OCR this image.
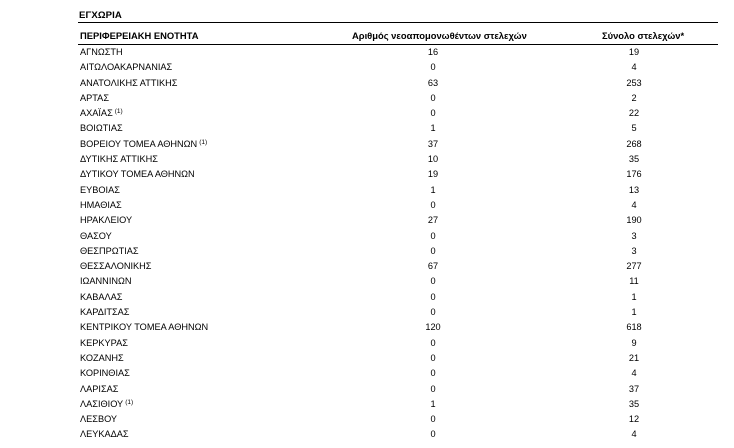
ΕΓΧΩΡΙΑ
ΠΕΡΙΦΕΡΕΙΑΚΗ ΕΝΟΤΗΤΑ	Αριθμός νεοαπομονωθέντων στελεχών	Σύνολο στελεχών*
ΑΓΝΩΣΤΗ	16	19
ΑΙΤΩΛΟΑΚΑΡΝΑΝΙΑΣ	0	4
ΑΝΑΤΟΛΙΚΗΣ ΑΤΤΙΚΗΣ	63	253
ΑΡΤΑΣ	0	2
ΑΧΑΪΑΣ $^{(1)}$	0	22
ΒΟΙΩΤΙΑΣ	1	5
ΒΟΡΕΙΟΥ ΤΟΜΕΑ ΑΘΗΝΩΝ $^{(1)}$	37	268
ΔΥΤΙΚΗΣ ΑΤΤΙΚΗΣ	10	35
ΔΥΤΙΚΟΥ ΤΟΜΕΑ ΑΘΗΝΩΝ	19	176
ΕΥΒΟΙΑΣ	1	13
ΗΜΑΘΙΑΣ	0	4
ΗΡΑΚΛΕΙΟΥ	27	190
ΘΑΣΟΥ	0	3
ΘΕΣΠΡΩΤΙΑΣ	0	3
ΘΕΣΣΑΛΟΝΙΚΗΣ	67	277
ΙΩΑΝΝΙΝΩΝ	0	11
ΚΑΒΑΛΑΣ	0	1
ΚΑΡΔΙΤΣΑΣ	0	1
ΚΕΝΤΡΙΚΟΥ ΤΟΜΕΑ ΑΘΗΝΩΝ	120	618
ΚΕΡΚΥΡΑΣ	0	9
ΚΟΖΑΝΗΣ	0	21
ΚΟΡΙΝΘΙΑΣ	0	4
ΛΑΡΙΣΑΣ	0	37
ΛΑΣΙΘΙΟΥ $^{(1)}$	1	35
ΛΕΣΒΟΥ	0	12
ΛΕΥΚΑΔΑΣ	0	4
